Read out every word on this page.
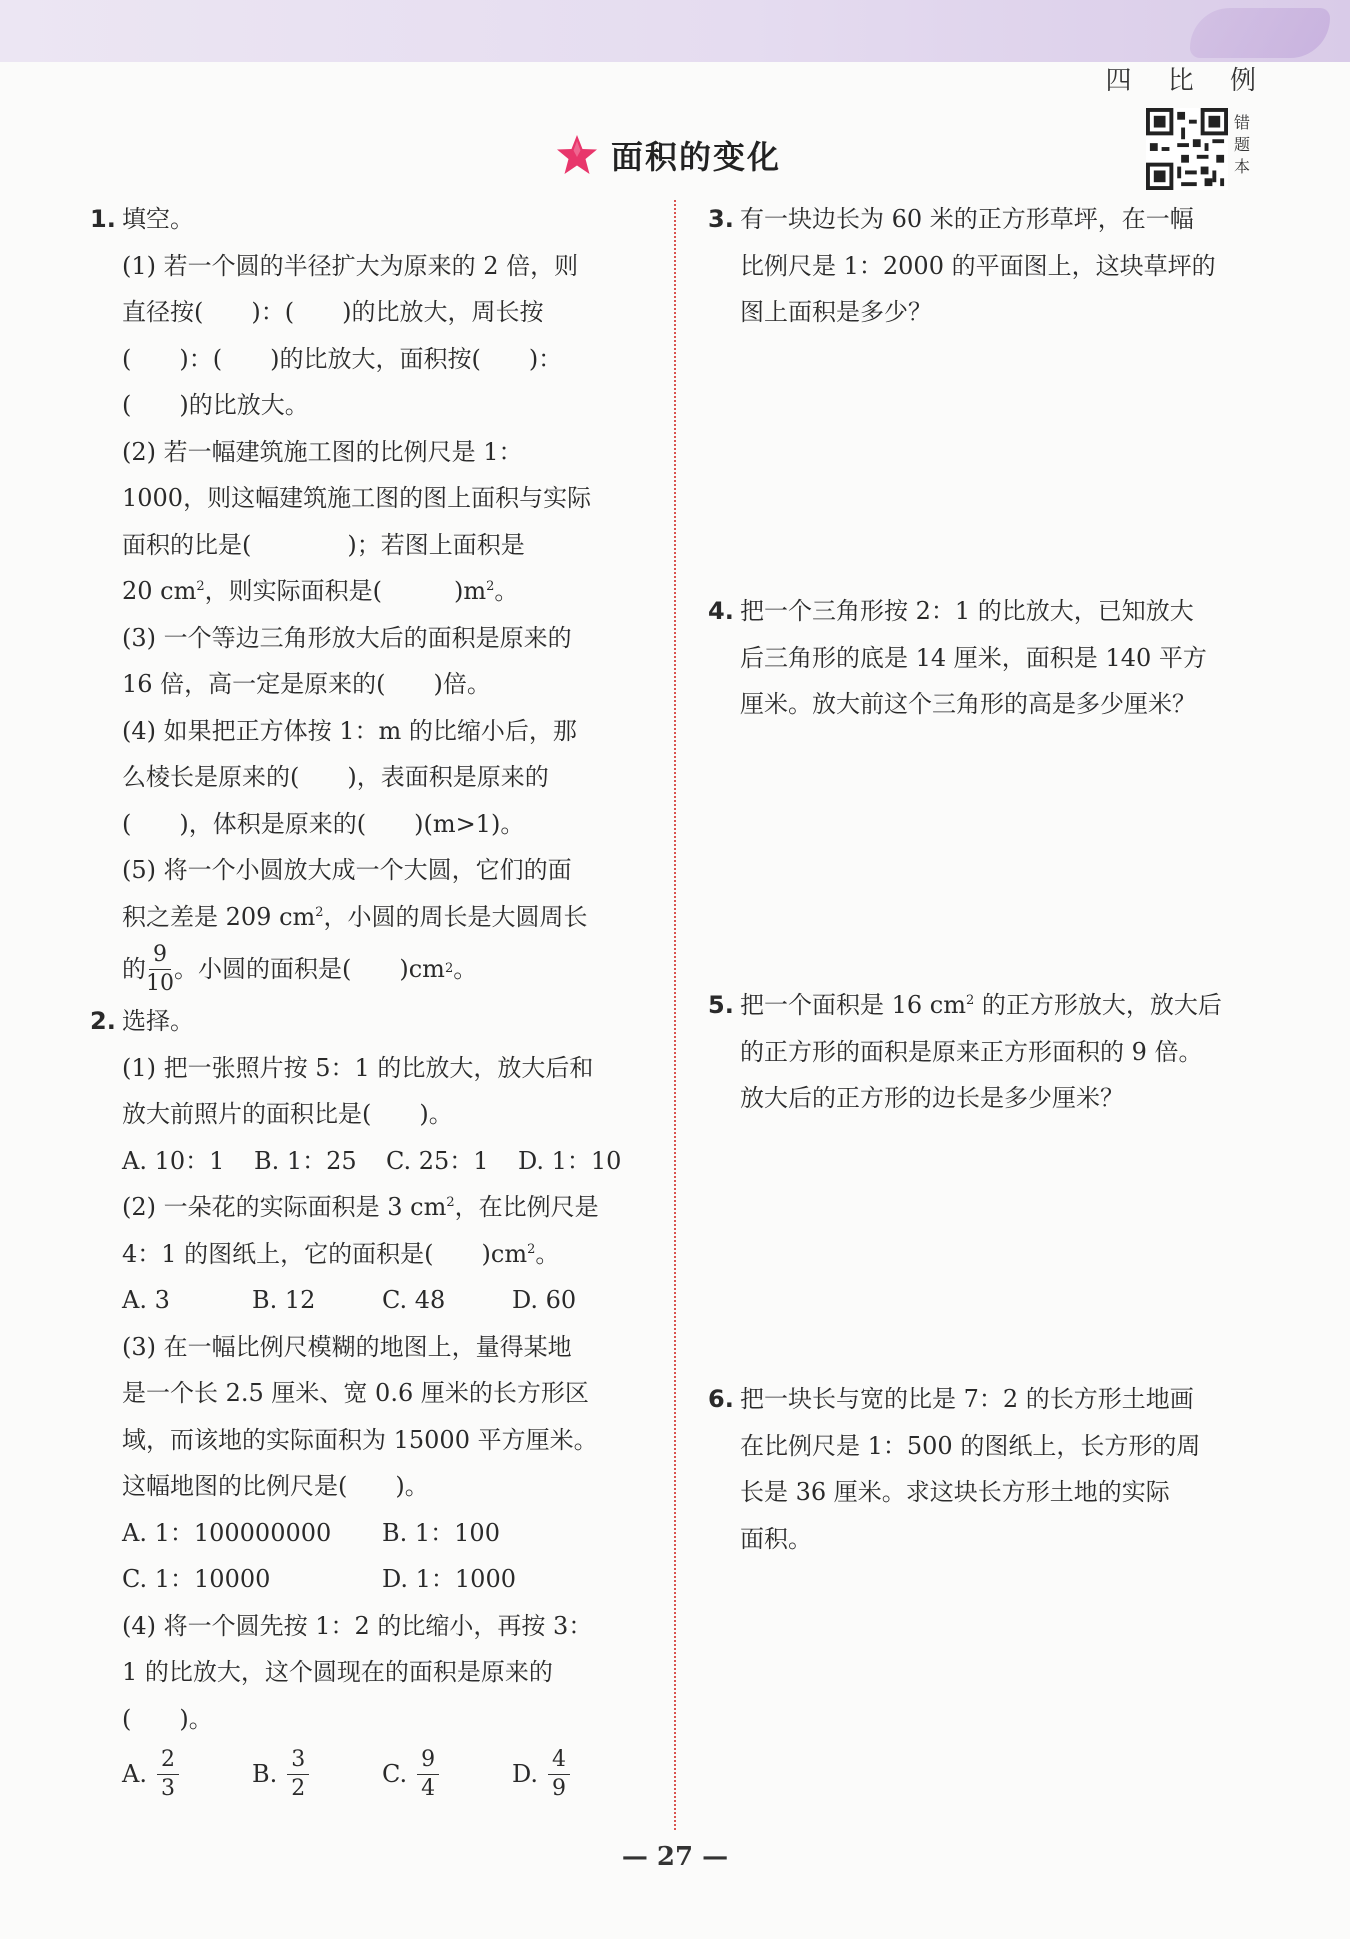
四 比 例
面积的变化
错
题
本
1. 填空。
(1) 若一个圆的半径扩大为原来的 2 倍，则
直径按(　　)：(　　)的比放大，周长按
(　　)：(　　)的比放大，面积按(　　)：
(　　)的比放大。
(2) 若一幅建筑施工图的比例尺是 1：
1000，则这幅建筑施工图的图上面积与实际
面积的比是(　　　　)；若图上面积是
20 $cm^2$，则实际面积是(　　　)$m^2$。
(3) 一个等边三角形放大后的面积是原来的
16 倍，高一定是原来的(　　)倍。
(4) 如果把正方体按 1：m 的比缩小后，那
么棱长是原来的(　　)，表面积是原来的
(　　)，体积是原来的(　　)(m>1)。
(5) 将一个小圆放大成一个大圆，它们的面
积之差是 209 $cm^2$，小圆的周长是大圆周长
的 $\frac{9}{10}$ 。小圆的面积是(　　)cm 2 。
2. 选择。
(1) 把一张照片按 5：1 的比放大，放大后和
放大前照片的面积比是(　　)。
A. 10：1	B. 1：25	C. 25：1	D. 1：10
(2) 一朵花的实际面积是 3 $cm^2$，在比例尺是
4：1 的图纸上，它的面积是(　　)$cm^2$。
A. 3	B. 12	C. 48	D. 60
(3) 在一幅比例尺模糊的地图上，量得某地
是一个长 2.5 厘米、宽 0.6 厘米的长方形区
域，而该地的实际面积为 15000 平方厘米。
这幅地图的比例尺是(　　)。
A. 1：100000000	B. 1：100
C. 1：10000	D. 1：1000
(4) 将一个圆先按 1：2 的比缩小，再按 3：
1 的比放大，这个圆现在的面积是原来的
(　　)。
A. $\frac{2}{3}$	B. $\frac{3}{2}$	C. $\frac{9}{4}$	D. $\frac{4}{9}$
3. 有一块边长为 60 米的正方形草坪，在一幅
比例尺是 1：2000 的平面图上，这块草坪的
图上面积是多少？
4. 把一个三角形按 2：1 的比放大，已知放大
后三角形的底是 14 厘米，面积是 140 平方
厘米。放大前这个三角形的高是多少厘米？
5. 把一个面积是 16 $cm^2$ 的正方形放大，放大后
的正方形的面积是原来正方形面积的 9 倍。
放大后的正方形的边长是多少厘米？
6. 把一块长与宽的比是 7：2 的长方形土地画
在比例尺是 1：500 的图纸上，长方形的周
长是 36 厘米。求这块长方形土地的实际
面积。
— 27 —
